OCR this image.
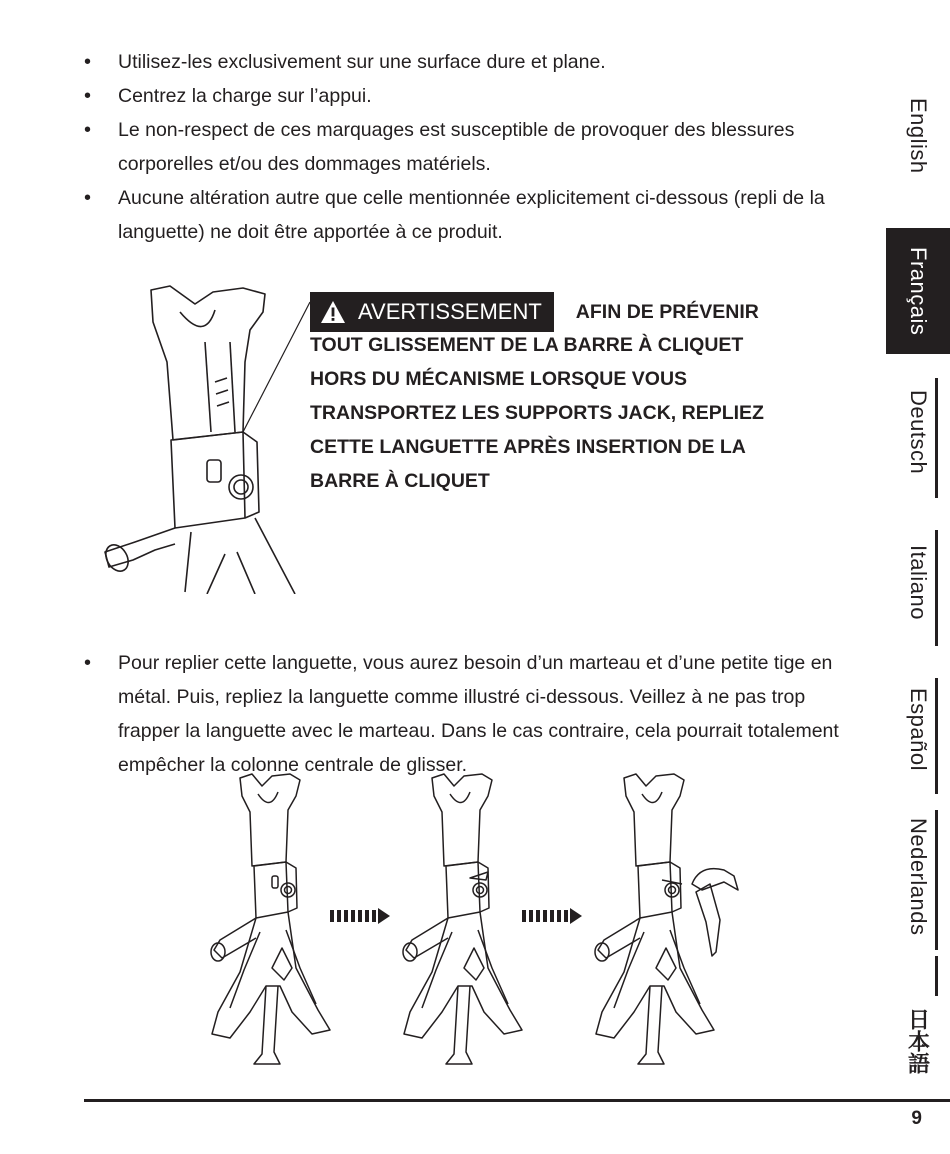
• Utilisez-les exclusivement sur une surface dure et plane.
• Centrez la charge sur l’appui.
• Le non-respect de ces marquages est susceptible de provoquer des blessures corporelles et/ou des dommages matériels.
• Aucune altération autre que celle mentionnée explicitement ci-dessous (repli de la languette) ne doit être apportée à ce produit.
AVERTISSEMENT AFIN DE PRÉVENIR
TOUT GLISSEMENT DE LA BARRE À CLIQUET
HORS DU MÉCANISME LORSQUE VOUS
TRANSPORTEZ LES SUPPORTS JACK, REPLIEZ
CETTE LANGUETTE APRÈS INSERTION DE LA
BARRE À CLIQUET
• Pour replier cette languette, vous aurez besoin d’un marteau et d’une petite tige en métal. Puis, repliez la languette comme illustré ci-dessous. Veillez à ne pas trop frapper la languette avec le marteau. Dans le cas contraire, cela pourrait totalement empêcher la colonne centrale de glisser.
English
Français
Deutsch
Italiano
Español
Nederlands
日本語
9
